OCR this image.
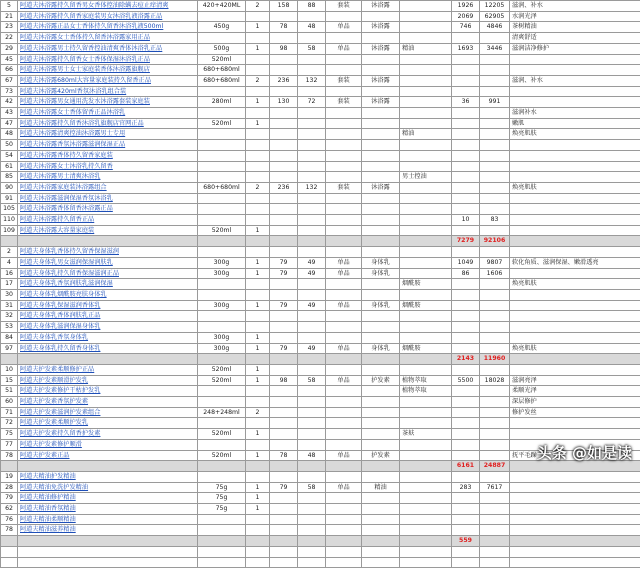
5	阿道夫沐浴露持久留香男女香体控油除螨去痘止痒清爽	420+420ML	2	158	88	套装	沐浴露		1926	12205	滋润、补水
21	阿道夫沐浴露持久留香家庭装男女沐浴乳液浴露正品								2069	62905	水润光泽
23	阿道夫沐浴露正品女士香体持久留香沐浴乳液500ml	450g	1	78	48	单品	沐浴露		746	4846	茶树精油
22	阿道夫沐浴露女士香体持久留香沐浴露家用正品										清爽舒适
29	阿道夫沐浴露男士持久留香控油清爽香体沐浴乳正品	500g	1	98	58	单品	沐浴露	精油	1693	3446	滋润洁净修护
45	阿道夫沐浴露持久留香女士香体保湿沐浴乳正品	520ml									
66	阿道夫沐浴露男士女士家庭装香体沐浴露旗舰店	680+680ml									
67	阿道夫沐浴露680ml大容量家庭装持久留香正品	680+680ml	2	236	132	套装	沐浴露				滋润、补水
73	阿道夫沐浴露420ml香氛沐浴乳组合装										
42	阿道夫沐浴露男女通用洗发水沐浴露套装家庭装	280ml	1	130	72	套装	沐浴露		36	991	
43	阿道夫沐浴露女士香体留香正品沐浴乳										滋润补水
47	阿道夫沐浴露持久留香沐浴乳旗舰店官网正品	520ml	1								嫩肌
48	阿道夫沐浴露清爽控油沐浴露男士专用							精油			焕亮肌肤
50	阿道夫沐浴露香氛沐浴露滋润保湿正品										
54	阿道夫沐浴露香体持久留香家庭装										
61	阿道夫沐浴露女士沐浴乳持久留香										
85	阿道夫沐浴露男士清爽沐浴乳							男士控油			
90	阿道夫沐浴露家庭装沐浴露组合	680+680ml	2	236	132	套装	沐浴露				焕亮肌肤
91	阿道夫沐浴露滋润保湿香氛沐浴乳										
105	阿道夫沐浴露香体留香沐浴露正品										
110	阿道夫沐浴露持久留香正品								10	83	
109	阿道夫沐浴露大容量家庭装	520ml	1								
									7279	92106	
2	阿道夫身体乳香体持久留香保湿滋润										
4	阿道夫身体乳男女滋润保湿润肤乳	300g	1	79	49	单品	身体乳		1049	9807	软化角质、滋润保湿、嫩滑透亮
16	阿道夫身体乳持久留香保湿滋润正品	300g	1	79	49	单品	身体乳		86	1606	
17	阿道夫身体乳香氛润肤乳滋润保湿							烟酰胺			焕亮肌肤
30	阿道夫身体乳烟酰胺亮肤身体乳										
31	阿道夫身体乳保湿滋润香体乳	300g	1	79	49	单品	身体乳	烟酰胺			
32	阿道夫身体乳香体润肤乳正品										
53	阿道夫身体乳滋润保湿身体乳										
84	阿道夫身体乳香氛身体乳	300g	1								
97	阿道夫身体乳持久留香身体乳	300g	1	79	49	单品	身体乳	烟酰胺			焕亮肌肤
									2143	11960	
10	阿道夫护发素柔顺修护正品	520ml	1								
15	阿道夫护发素顺滑护发乳	520ml	1	98	58	单品	护发素	植物萃取	5500	18028	滋润亮泽
51	阿道夫护发素修护干枯护发乳							植物萃取			柔顺光泽
60	阿道夫护发素香氛护发素										深层修护
71	阿道夫护发素滋润护发素组合	248+248ml	2								修护发丝
72	阿道夫护发素柔顺护发乳										
75	阿道夫护发素持久留香护发素	520ml	1					茶麸			
77	阿道夫护发素修护顺滑										
78	阿道夫护发素正品	520ml	1	78	48	单品	护发素				抚平毛躁
									6161	24887	
19	阿道夫精油护发精油										
28	阿道夫精油免洗护发精油	75g	1	79	58	单品	精油		283	7617	
79	阿道夫精油修护精油	75g	1								
62	阿道夫精油香氛精油	75g	1								
76	阿道夫精油柔顺精油										
78	阿道夫精油滋养精油										
									559		

头条 @如是读
